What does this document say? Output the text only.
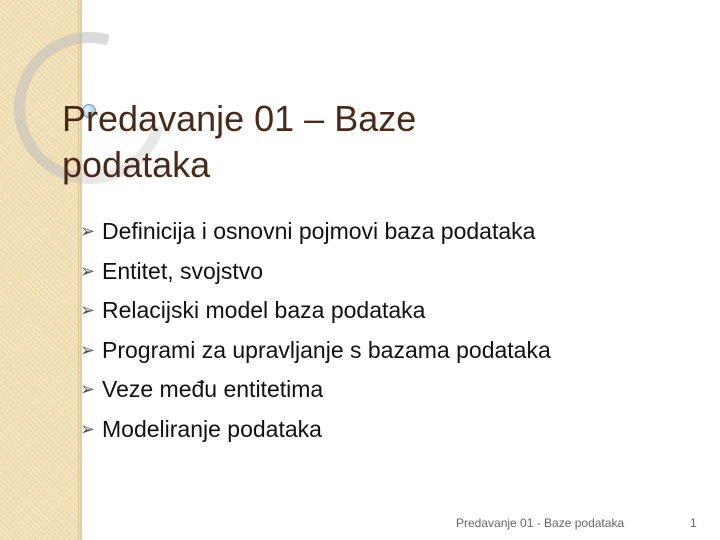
Predavanje 01 – Baze
podataka
➢ Definicija i osnovni pojmovi baza podataka
➢ Entitet, svojstvo
➢ Relacijski model baza podataka
➢ Programi za upravljanje s bazama podataka
➢ Veze među entitetima
➢ Modeliranje podataka
Predavanje 01 - Baze podataka	1
